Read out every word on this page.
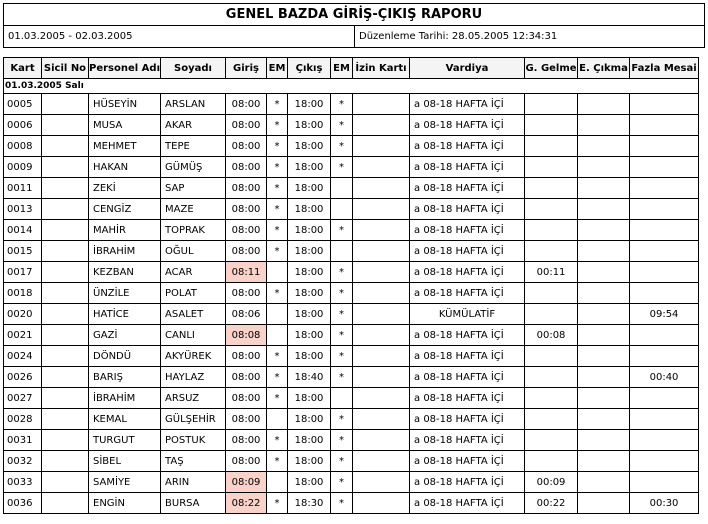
GENEL BAZDA GİRİŞ-ÇIKIŞ RAPORU
01.03.2005 - 02.03.2005	Düzenleme Tarihi: 28.05.2005 12:34:31
Kart	Sicil No	Personel Adı	Soyadı	Giriş	EM	Çıkış	EM	İzin Kartı	Vardiya	G. Gelme	E. Çıkma	Fazla Mesai
01.03.2005 Salı												
0005		HÜSEYİN	ARSLAN	08:00	*	18:00	*		a 08-18 HAFTA İÇİ			
0006		MUSA	AKAR	08:00	*	18:00	*		a 08-18 HAFTA İÇİ			
0008		MEHMET	TEPE	08:00	*	18:00	*		a 08-18 HAFTA İÇİ			
0009		HAKAN	GÜMÜŞ	08:00	*	18:00	*		a 08-18 HAFTA İÇİ			
0011		ZEKİ	SAP	08:00	*	18:00			a 08-18 HAFTA İÇİ			
0013		CENGİZ	MAZE	08:00	*	18:00			a 08-18 HAFTA İÇİ			
0014		MAHİR	TOPRAK	08:00	*	18:00	*		a 08-18 HAFTA İÇİ			
0015		İBRAHİM	OĞUL	08:00	*	18:00			a 08-18 HAFTA İÇİ			
0017		KEZBAN	ACAR	08:11		18:00	*		a 08-18 HAFTA İÇİ	00:11		
0018		ÜNZİLE	POLAT	08:00	*	18:00	*		a 08-18 HAFTA İÇİ			
0020		HATİCE	ASALET	08:06		18:00	*		KÜMÜLATİF			09:54
0021		GAZİ	CANLI	08:08		18:00	*		a 08-18 HAFTA İÇİ	00:08		
0024		DÖNDÜ	AKYÜREK	08:00	*	18:00	*		a 08-18 HAFTA İÇİ			
0026		BARIŞ	HAYLAZ	08:00	*	18:40	*		a 08-18 HAFTA İÇİ			00:40
0027		İBRAHİM	ARSUZ	08:00	*	18:00			a 08-18 HAFTA İÇİ			
0028		KEMAL	GÜLŞEHİR	08:00		18:00	*		a 08-18 HAFTA İÇİ			
0031		TURGUT	POSTUK	08:00	*	18:00	*		a 08-18 HAFTA İÇİ			
0032		SİBEL	TAŞ	08:00	*	18:00	*		a 08-18 HAFTA İÇİ			
0033		SAMİYE	ARIN	08:09		18:00	*		a 08-18 HAFTA İÇİ	00:09		
0036		ENGİN	BURSA	08:22	*	18:30	*		a 08-18 HAFTA İÇİ	00:22		00:30
